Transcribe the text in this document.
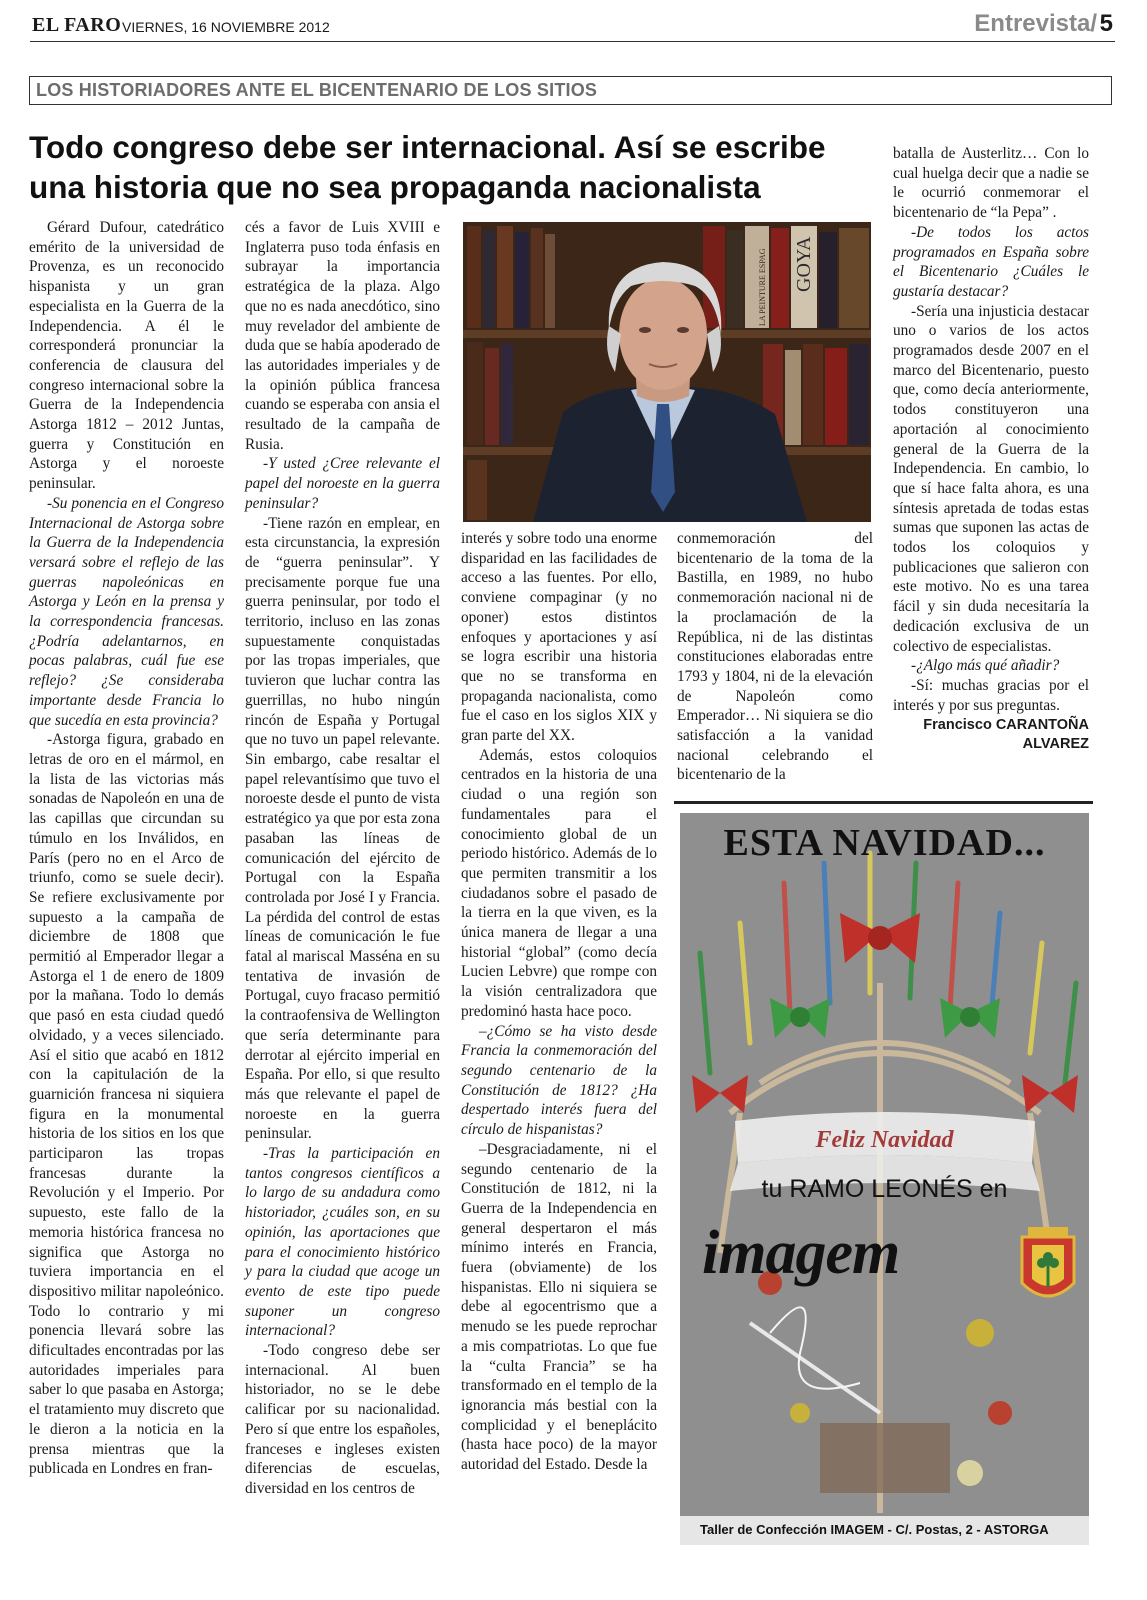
EL FARO VIERNES, 16 NOVIEMBRE 2012	Entrevista/ 5
LOS HISTORIADORES ANTE EL BICENTENARIO DE LOS SITIOS
Todo congreso debe ser internacional. Así se escribe una historia que no sea propaganda nacionalista

Gérard Dufour, catedrático emérito de la universidad de Provenza, es un reconocido hispanista y un gran especialista en la Guerra de la Independencia. A él le corresponderá pronunciar la conferencia de clausura del congreso internacional sobre la Guerra de la Independencia Astorga 1812 – 2012 Juntas, guerra y Constitución en Astorga y el noroeste peninsular.

-Su ponencia en el Congreso Internacional de Astorga sobre la Guerra de la Independencia versará sobre el reflejo de las guerras napoleónicas en Astorga y León en la prensa y la correspondencia francesas.¿Podría adelantarnos, en pocas palabras, cuál fue ese reflejo? ¿Se consideraba importante desde Francia lo que sucedía en esta provincia?

-Astorga figura, grabado en letras de oro en el mármol, en la lista de las victorias más sonadas de Napoleón en una de las capillas que circundan su túmulo en los Inválidos, en París (pero no en el Arco de triunfo, como se suele decir). Se refiere exclusivamente por supuesto a la campaña de diciembre de 1808 que permitió al Emperador llegar a Astorga el 1 de enero de 1809 por la mañana. Todo lo demás que pasó en esta ciudad quedó olvidado, y a veces silenciado. Así el sitio que acabó en 1812 con la capitulación de la guarnición francesa ni siquiera figura en la monumental historia de los sitios en los que participaron las tropas francesas durante la Revolución y el Imperio. Por supuesto, este fallo de la memoria histórica francesa no significa que Astorga no tuviera importancia en el dispositivo militar napoleónico. Todo lo contrario y mi ponencia llevará sobre las dificultades encontradas por las autoridades imperiales para saber lo que pasaba en Astorga; el tratamiento muy discreto que le dieron a la noticia en la prensa mientras que la publicada en Londres en fran-

cés a favor de Luis XVIII e Inglaterra puso toda énfasis en subrayar la importancia estratégica de la plaza. Algo que no es nada anecdótico, sino muy revelador del ambiente de duda que se había apoderado de las autoridades imperiales y de la opinión pública francesa cuando se esperaba con ansia el resultado de la campaña de Rusia.

-Y usted ¿Cree relevante el papel del noroeste en la guerra peninsular?

-Tiene razón en emplear, en esta circunstancia, la expresión de “guerra peninsular”. Y precisamente porque fue una guerra peninsular, por todo el territorio, incluso en las zonas supuestamente conquistadas por las tropas imperiales, que tuvieron que luchar contra las guerrillas, no hubo ningún rincón de España y Portugal que no tuvo un papel relevante. Sin embargo, cabe resaltar el papel relevantísimo que tuvo el noroeste desde el punto de vista estratégico ya que por esta zona pasaban las líneas de comunicación del ejército de Portugal con la España controlada por José I y Francia. La pérdida del control de estas líneas de comunicación le fue fatal al mariscal Masséna en su tentativa de invasión de Portugal, cuyo fracaso permitió la contraofensiva de Wellington que sería determinante para derrotar al ejército imperial en España. Por ello, si que resulto más que relevante el papel de noroeste en la guerra peninsular.

-Tras la participación en tantos congresos científicos a lo largo de su andadura como historiador, ¿cuáles son, en su opinión, las aportaciones que para el conocimiento histórico y para la ciudad que acoge un evento de este tipo puede suponer un congreso internacional?

-Todo congreso debe ser internacional. Al buen historiador, no se le debe calificar por su nacionalidad. Pero sí que entre los españoles, franceses e ingleses existen diferencias de escuelas, diversidad en los centros de

GOYA
LA PEINTURE ESPAG

interés y sobre todo una enorme disparidad en las facilidades de acceso a las fuentes. Por ello, conviene compaginar (y no oponer) estos distintos enfoques y aportaciones y así se logra escribir una historia que no se transforma en propaganda nacionalista, como fue el caso en los siglos XIX y gran parte del XX.

Además, estos coloquios centrados en la historia de una ciudad o una región son fundamentales para el conocimiento global de un periodo histórico. Además de lo que permiten transmitir a los ciudadanos sobre el pasado de la tierra en la que viven, es la única manera de llegar a una historial “global” (como decía Lucien Lebvre) que rompe con la visión centralizadora que predominó hasta hace poco.

–¿Cómo se ha visto desde Francia la conmemoración del segundo centenario de la Constitución de 1812? ¿Ha despertado interés fuera del círculo de hispanistas?

–Desgraciadamente, ni el segundo centenario de la Constitución de 1812, ni la Guerra de la Independencia en general despertaron el más mínimo interés en Francia, fuera (obviamente) de los hispanistas. Ello ni siquiera se debe al egocentrismo que a menudo se les puede reprochar a mis compatriotas. Lo que fue la “culta Francia” se ha transformado en el templo de la ignorancia más bestial con la complicidad y el beneplácito (hasta hace poco) de la mayor autoridad del Estado. Desde la

conmemoración del bicentenario de la toma de la Bastilla, en 1989, no hubo conmemoración nacional ni de la proclamación de la República, ni de las distintas constituciones elaboradas entre 1793 y 1804, ni de la elevación de Napoleón como Emperador… Ni siquiera se dio satisfacción a la vanidad nacional celebrando el bicentenario de la

batalla de Austerlitz… Con lo cual huelga decir que a nadie se le ocurrió conmemorar el bicentenario de “la Pepa” .

-De todos los actos programados en España sobre el Bicentenario ¿Cuáles le gustaría destacar?

-Sería una injusticia destacar uno o varios de los actos programados desde 2007 en el marco del Bicentenario, puesto que, como decía anteriormente, todos constituyeron una aportación al conocimiento general de la Guerra de la Independencia. En cambio, lo que sí hace falta ahora, es una síntesis apretada de todas estas sumas que suponen las actas de todos los coloquios y publicaciones que salieron con este motivo. No es una tarea fácil y sin duda necesitaría la dedicación exclusiva de un colectivo de especialistas.

-¿Algo más qué añadir?

-Sí: muchas gracias por el interés y por sus preguntas.

Francisco CARANTOÑA

ALVAREZ

ESTA NAVIDAD...
Feliz Navidad
tu RAMO LEONÉS en
imagem
Taller de Confección IMAGEM - C/. Postas, 2 - ASTORGA
